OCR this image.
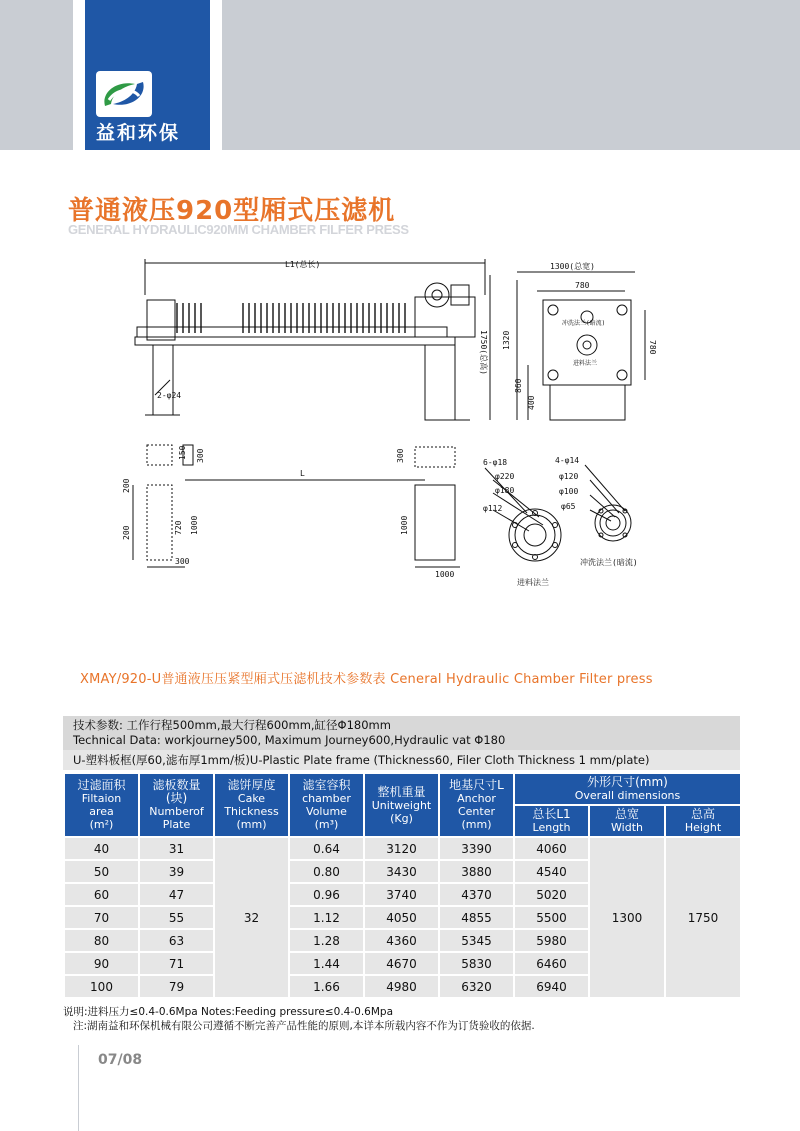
益和环保
普通液压920型厢式压滤机
GENERAL HYDRAULIC920MM CHAMBER FILFER PRESS
L1(总长)
2-φ24
1750(总高)
1300(总宽)
780
冲洗法兰(暗流)
进料法兰
1320
860
400
780
150 300	300
L
200
200	720 1000	1000
300
1000
6-φ18
φ220
φ180
φ112
进料法兰
4-φ14
φ120
φ100
φ65
冲洗法兰(暗流)
XMAY/920-U普通液压压紧型厢式压滤机技术参数表 Ceneral Hydraulic Chamber Filter press
技术参数: 工作行程500mm,最大行程600mm,缸径Φ180mm
Technical Data: workjourney500, Maximum Journey600,Hydraulic vat Φ180
U-塑料板框(厚60,滤布厚1mm/板)U-Plastic Plate frame (Thickness60, Filer Cloth Thickness 1 mm/plate)
过滤面积
Filtaion
area
(m²)	滤板数量
(块)
Numberof
Plate	滤饼厚度
Cake
Thickness
(mm)	滤室容积
chamber
Volume
(m³)	整机重量
Unitweight
(Kg)	地基尺寸L
Anchor
Center
(mm)	外形尺寸(mm)
Overall dimensions		

						总长L1
Length	总宽
Width	总高
Height

40	31	32	0.64	3120	3390	4060	1300	1750
50	39		0.80	3430	3880	4540		
60	47		0.96	3740	4370	5020		
70	55		1.12	4050	4855	5500		
80	63		1.28	4360	5345	5980		
90	71		1.44	4670	5830	6460		
100	79		1.66	4980	6320	6940		
说明:进料压力≤0.4-0.6Mpa Notes:Feeding pressure≤0.4-0.6Mpa
注:湖南益和环保机械有限公司遵循不断完善产品性能的原则,本详本所载内容不作为订货验收的依据.
07/08
